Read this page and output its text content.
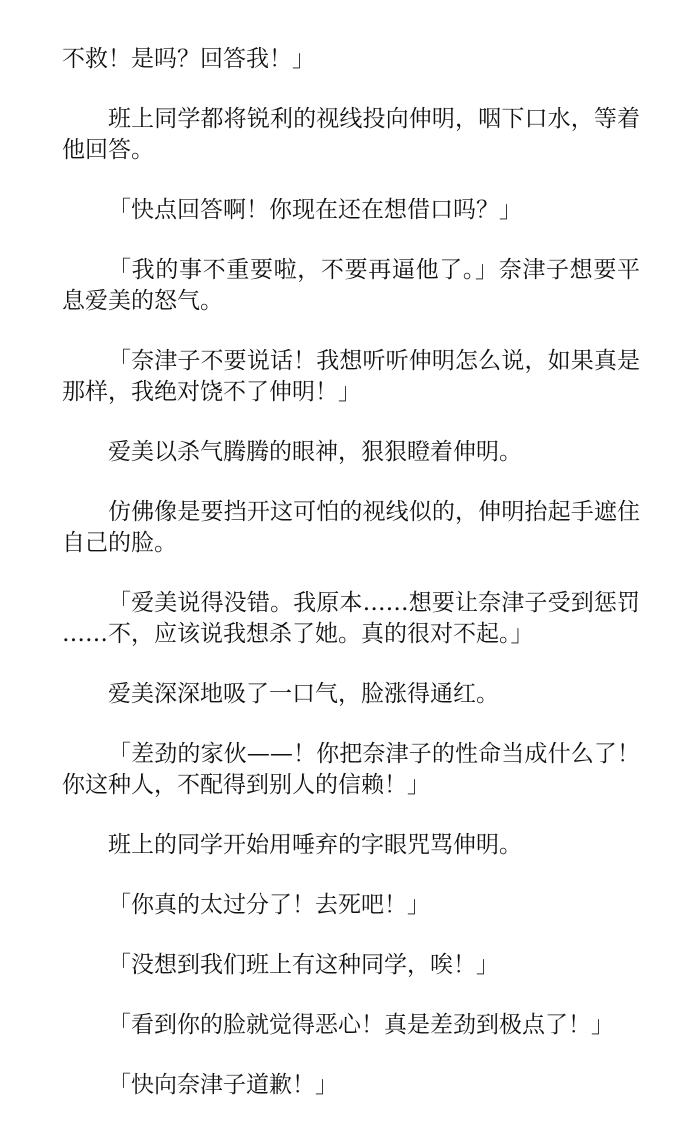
不救！是吗？回答我！」

班上同学都将锐利的视线投向伸明，咽下口水，等着他回答。

「快点回答啊！你现在还在想借口吗？」

「我的事不重要啦，不要再逼他了。」奈津子想要平息爱美的怒气。

「奈津子不要说话！我想听听伸明怎么说，如果真是那样，我绝对饶不了伸明！」

爱美以杀气腾腾的眼神，狠狠瞪着伸明。

仿佛像是要挡开这可怕的视线似的，伸明抬起手遮住自己的脸。

「爱美说得没错。我原本……想要让奈津子受到惩罚……不，应该说我想杀了她。真的很对不起。」

爱美深深地吸了一口气，脸涨得通红。

「差劲的家伙——！你把奈津子的性命当成什么了！你这种人，不配得到别人的信赖！」

班上的同学开始用唾弃的字眼咒骂伸明。

「你真的太过分了！去死吧！」

「没想到我们班上有这种同学，唉！」

「看到你的脸就觉得恶心！真是差劲到极点了！」

「快向奈津子道歉！」
